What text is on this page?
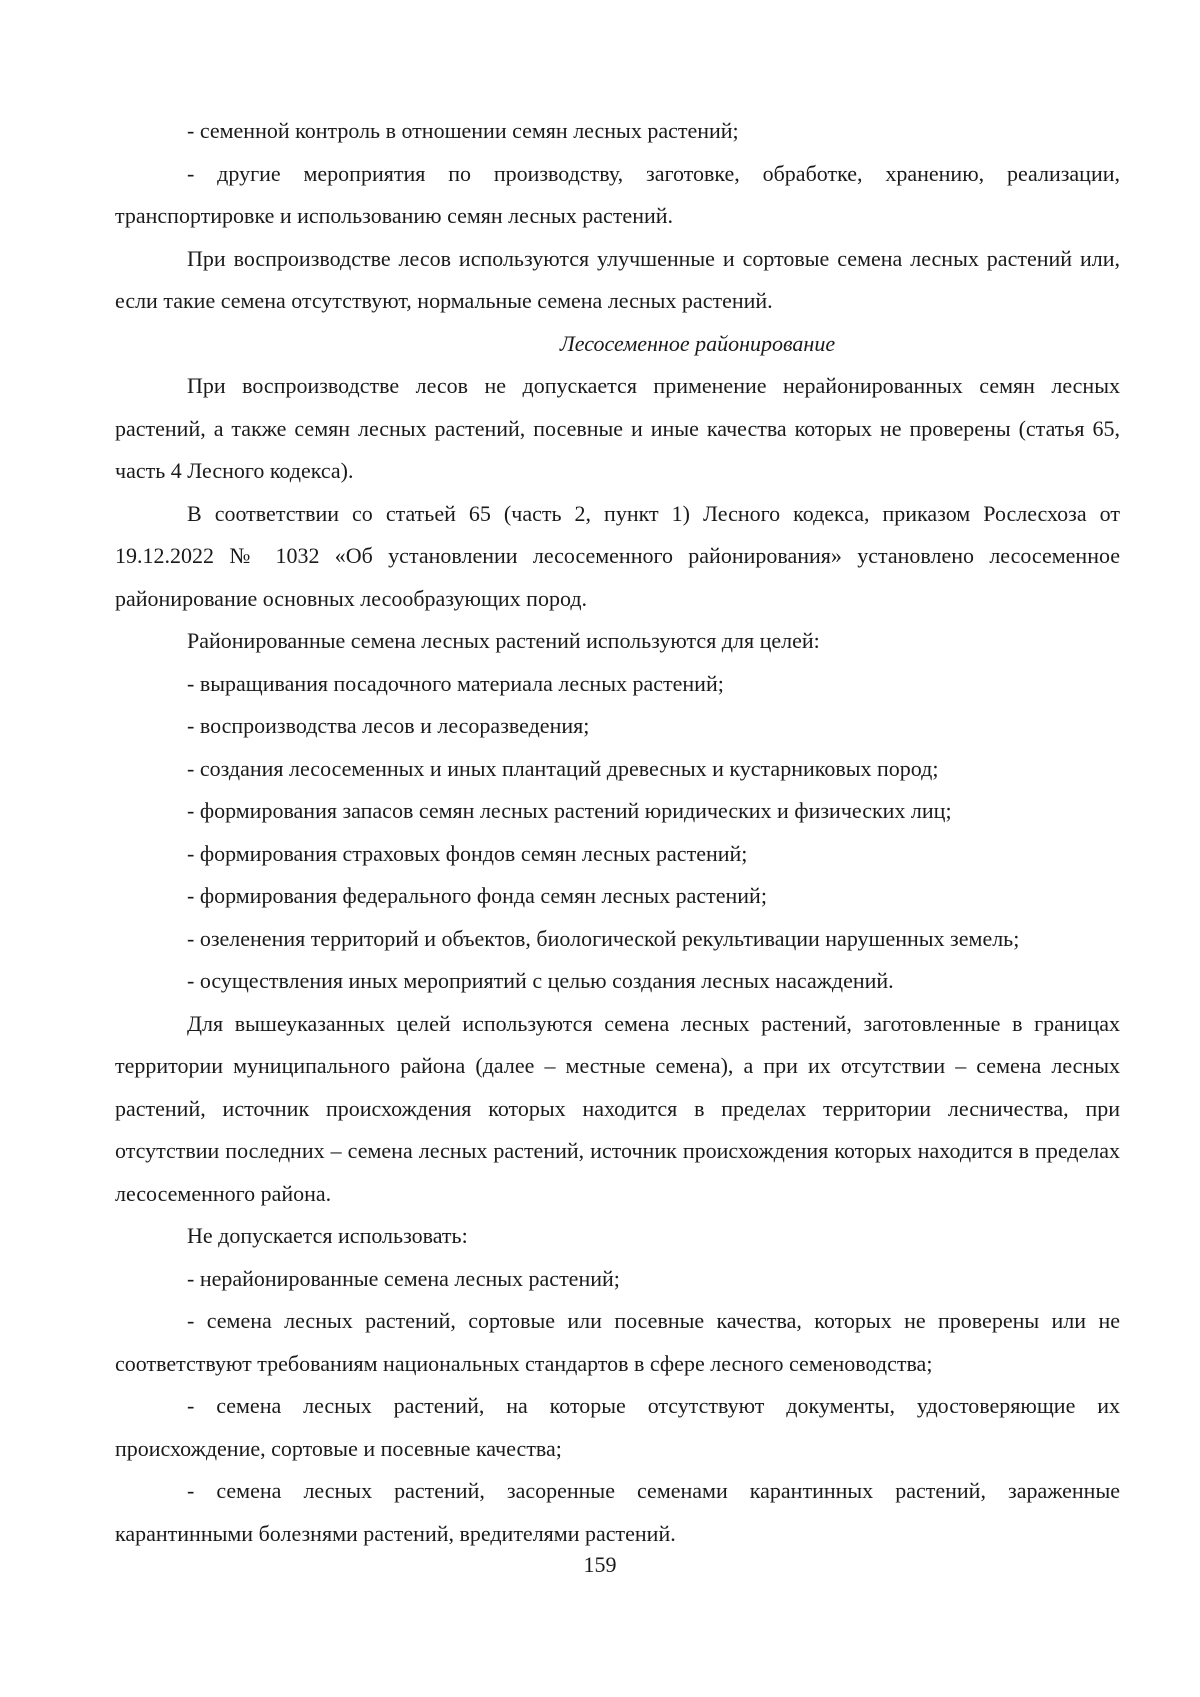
- семенной контроль в отношении семян лесных растений;

- другие мероприятия по производству, заготовке, обработке, хранению, реализации, транспортировке и использованию семян лесных растений.

При воспроизводстве лесов используются улучшенные и сортовые семена лесных растений или, если такие семена отсутствуют, нормальные семена лесных растений.

Лесосеменное районирование

При воспроизводстве лесов не допускается применение нерайонированных семян лесных растений, а также семян лесных растений, посевные и иные качества которых не проверены (статья 65, часть 4 Лесного кодекса).

В соответствии со статьей 65 (часть 2, пункт 1) Лесного кодекса, приказом Рослесхоза от 19.12.2022 № 1032 «Об установлении лесосеменного районирования» установлено лесосеменное районирование основных лесообразующих пород.

Районированные семена лесных растений используются для целей:

- выращивания посадочного материала лесных растений;

- воспроизводства лесов и лесоразведения;

- создания лесосеменных и иных плантаций древесных и кустарниковых пород;

- формирования запасов семян лесных растений юридических и физических лиц;

- формирования страховых фондов семян лесных растений;

- формирования федерального фонда семян лесных растений;

- озеленения территорий и объектов, биологической рекультивации нарушенных земель;

- осуществления иных мероприятий с целью создания лесных насаждений.

Для вышеуказанных целей используются семена лесных растений, заготовленные в границах территории муниципального района (далее – местные семена), а при их отсутствии – семена лесных растений, источник происхождения которых находится в пределах территории лесничества, при отсутствии последних – семена лесных растений, источник происхождения которых находится в пределах лесосеменного района.

Не допускается использовать:

- нерайонированные семена лесных растений;

- семена лесных растений, сортовые или посевные качества, которых не проверены или не соответствуют требованиям национальных стандартов в сфере лесного семеноводства;

- семена лесных растений, на которые отсутствуют документы, удостоверяющие их происхождение, сортовые и посевные качества;

- семена лесных растений, засоренные семенами карантинных растений, зараженные карантинными болезнями растений, вредителями растений.

159
